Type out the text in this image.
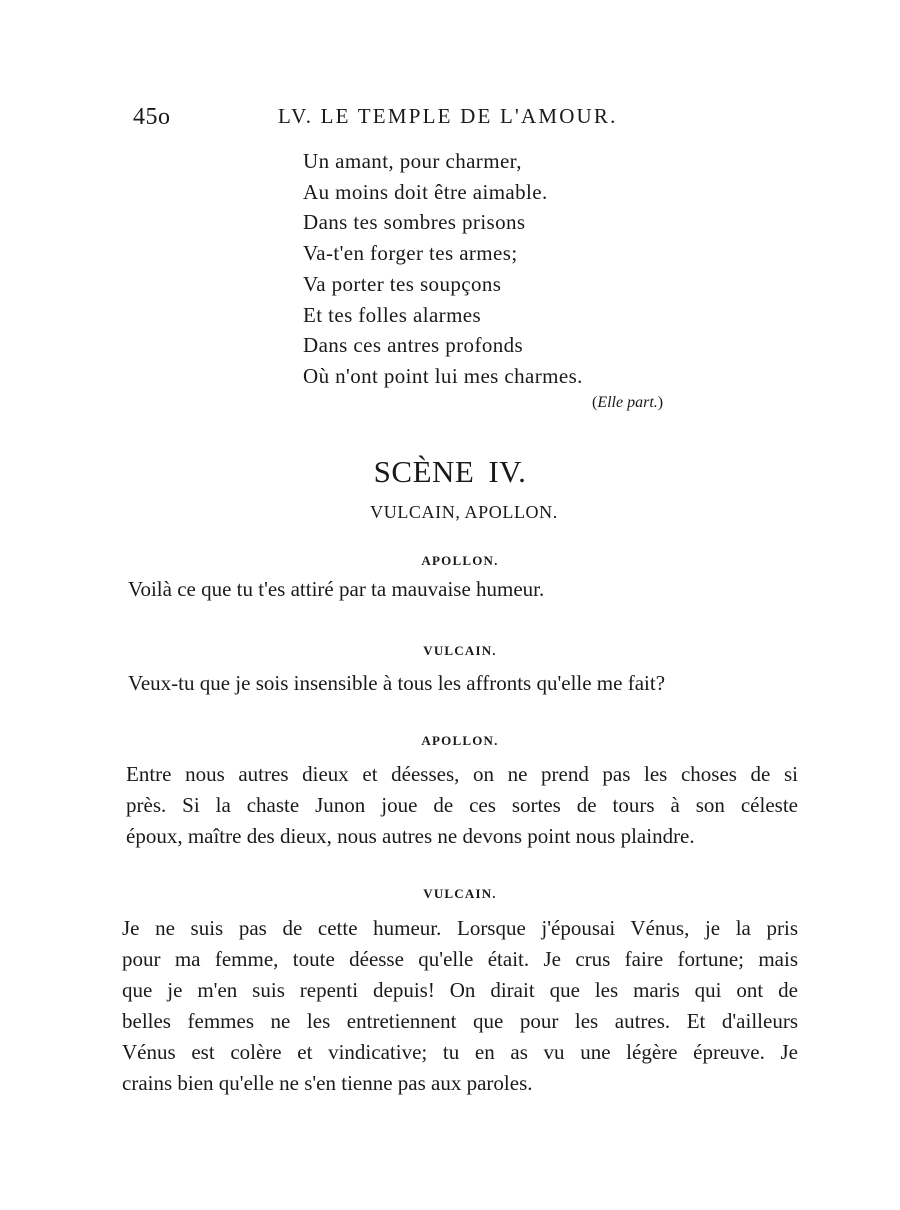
45o	LV. LE TEMPLE DE L'AMOUR.
Un amant, pour charmer,
Au moins doit être aimable.
Dans tes sombres prisons
Va-t'en forger tes armes;
Va porter tes soupçons
Et tes folles alarmes
Dans ces antres profonds
Où n'ont point lui mes charmes.
(Elle part.)
SCÈNE IV.
VULCAIN, APOLLON.
APOLLON.
Voilà ce que tu t'es attiré par ta mauvaise humeur.
VULCAIN.
Veux-tu que je sois insensible à tous les affronts qu'elle me fait?
APOLLON.
Entre nous autres dieux et déesses, on ne prend pas les choses de si
près. Si la chaste Junon joue de ces sortes de tours à son céleste
époux, maître des dieux, nous autres ne devons point nous plaindre.
VULCAIN.
Je ne suis pas de cette humeur. Lorsque j'épousai Vénus, je la pris
pour ma femme, toute déesse qu'elle était. Je crus faire fortune; mais
que je m'en suis repenti depuis! On dirait que les maris qui ont de
belles femmes ne les entretiennent que pour les autres. Et d'ailleurs
Vénus est colère et vindicative; tu en as vu une légère épreuve. Je
crains bien qu'elle ne s'en tienne pas aux paroles.
